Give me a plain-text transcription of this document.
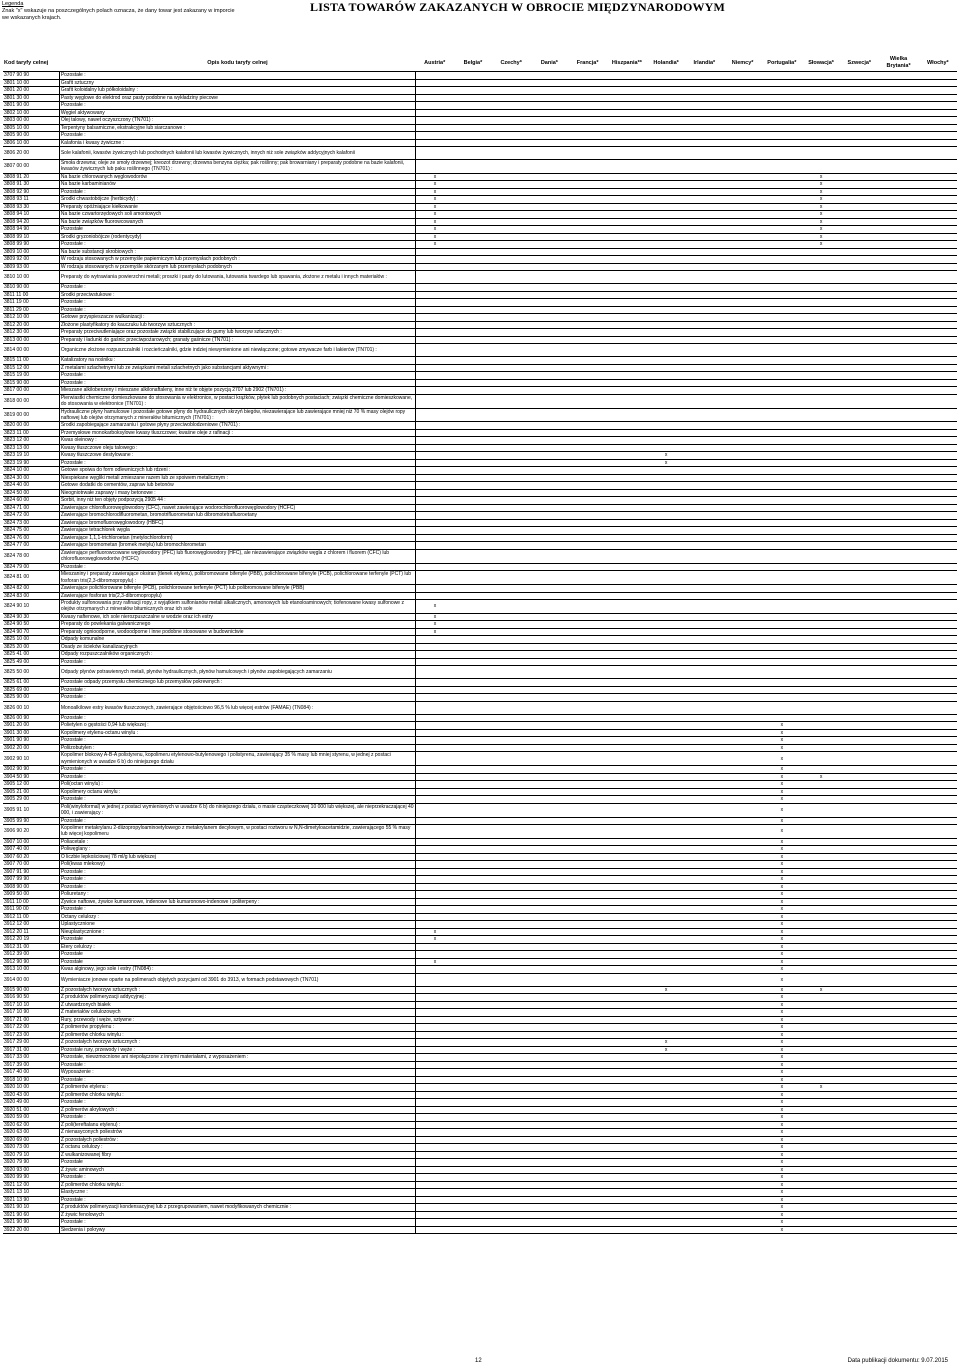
Legenda
Znak "x" wskazuje na poszczególnych polach oznacza, że dany towar jest zakazany w imporcie
we wskazanych krajach.
LISTA TOWARÓW ZAKAZANYCH W OBROCIE MIĘDZYNARODOWYM
Kod taryfy celnej	Opis kodu taryfy celnej	Austria*	Belgia*	Czechy*	Dania*	Francja*	Hiszpania**	Holandia*	Irlandia*	Niemcy*	Portugalia*	Słowacja*	Szwecja*	Wielka Brytania*	Włochy*
3707 90 90	Pozostałe :														
3801 10 00	Grafit sztuczny														
3801 20 00	Grafit koloidalny lub półkoloidalny :														
3801 30 00	Pasty węglowe do elektrod oraz pasty podobne na wykładziny piecowe														
3801 90 00	Pozostałe :														
3802 10 00	Węgiel aktywowany														
3803 00 00	Olej talowy, nawet oczyszczony (TN701) :														
3805 10 00	Terpentyny balsamiczne, ekstrakcyjne lub siarczanowe :														
3805 90 00	Pozostałe :														
3806 10 00	Kalafonia i kwasy żywiczne :														
3806 20 00	Sole kalafonii, kwasów żywicznych lub pochodnych kalafonii lub kwasów żywicznych, innych niż sole związków addycyjnych kalafonii														
3807 00 00	Smoła drzewna; oleje ze smoły drzewnej; kreozot drzewny; drzewna benzyna ciężka; pak roślinny; pak browarniany i preparaty podobne na bazie kalafonii, kwasów żywicznych lub paku roślinnego (TN701) :														
3808 91 20	Na bazie chlorowanych węglowodorów	x										x			
3808 91 30	Na bazie karbaminianów	x										x			
3808 92 90	Pozostałe :	x										x			
3808 93 11	Środki chwastobójcze (herbicydy) :	x										x			
3808 93 30	Preparaty opóźniające kiełkowanie	x										x			
3808 94 10	Na bazie czwartorzędowych soli amoniowych	x										x			
3808 94 20	Na bazie związków fluorowcowanych	x										x			
3808 94 90	Pozostałe	x										x			
3808 99 10	Środki gryzoniobójcze (rodentycydy)	x										x			
3808 99 90	Pozostałe :	x										x			
3809 10 00	Na bazie substancji skrobiowych :														
3809 92 00	W rodzaju stosowanych w przemyśle papierniczym lub przemysłach podobnych :														
3809 93 00	W rodzaju stosowanych w przemyśle skórzanym lub przemysłach podobnych														
3810 10 00	Preparaty do wytrawiania powierzchni metali; proszki i pasty do lutowania, lutowania twardego lub spawania, złożone z metalu i innych materiałów :														
3810 90 00	Pozostałe :														
3811 11 00	Środki przeciwstukowe :														
3811 19 00	Pozostałe :														
3811 29 00	Pozostałe :														
3812 10 00	Gotowe przyspieszacze wulkanizacji :														
3812 20 00	Złożone plastyfikatory do kauczuku lub tworzyw sztucznych :														
3812 30 00	Preparaty przeciwutleniające oraz pozostałe związki stabilizujące do gumy lub tworzyw sztucznych :														
3813 00 00	Preparaty i ładunki do gaśnic przeciwpożarowych; granaty gaśnicze (TN701) :														
3814 00 00	Organiczne złożone rozpuszczalniki i rozcieńczalniki, gdzie indziej niewymienione ani niewłączone; gotowe zmywacze farb i lakierów (TN701) :														
3815 11 00	Katalizatory na nośniku :														
3815 12 00	Z metalami szlachetnymi lub ze związkami metali szlachetnych jako substancjami aktywnymi :														
3815 19 00	Pozostałe :														
3815 90 00	Pozostałe :														
3817 00 00	Mieszane alkilobenzeny i mieszane alkilonaftaleny, inne niż te objęte pozycją 2707 lub 2902 (TN701) :														
3818 00 00	Pierwiastki chemiczne domieszkowane do stosowania w elektronice, w postaci krążków, płytek lub podobnych postaciach; związki chemiczne domieszkowane, do stosowania w elektronice (TN701) :														
3819 00 00	Hydrauliczne płyny hamulcowe i pozostałe gotowe płyny do hydraulicznych skrzyń biegów, niezawierające lub zawierające mniej niż 70 % masy olejów ropy naftowej lub olejów otrzymanych z minerałów bitumicznych (TN701) :														
3820 00 00	Środki zapobiegające zamarzaniu i gotowe płyny przeciwoblodzeniowe (TN701) :														
3823 11 00	Przemysłowe monokarboksylowe kwasy tłuszczowe; kwaśne oleje z rafinacji :														
3823 12 00	Kwas oleinowy :														
3823 13 00	Kwasy tłuszczowe oleju talowego :														
3823 19 10	Kwasy tłuszczowe destylowane :							x							
3823 19 90	Pozostałe :							x							
3824 10 00	Gotowe spoiwa do form odlewniczych lub rdzeni :														
3824 30 00	Niespiekane węgliki metali zmieszane razem lub ze spoiwem metalicznym :														
3824 40 00	Gotowe dodatki do cementów, zapraw lub betonów														
3824 50 00	Nieogniotrwałe zaprawy i masy betonowe :														
3824 60 00	Sorbit, inny niż ten objęty podpozycją 2905 44 :														
3824 71 00	Zawierające chlorofluorowęglowodory (CFC), nawet zawierające wodorochlorofluorowęglowodory (HCFC)														
3824 72 00	Zawierające bromochlorodifluorometan, bromotrifluorometan lub dibromotetrafluoroetany														
3824 73 00	Zawierające bromofluorowęglowodory (HBFC)														
3824 75 00	Zawierające tetrachlorek węgla														
3824 76 00	Zawierające 1,1,1-trichloroetan (metylochloroform)														
3824 77 00	Zawierające bromometan (bromek metylu) lub bromochlorometan														
3824 78 00	Zawierające perfluorowcowane węglowodory (PFC) lub fluorowęglowodory (HFC), ale niezawierające związków węgla z chlorem i fluorem (CFC) lub chlorofluorowęglowodorów (HCFC)														
3824 79 00	Pozostałe :														
3824 81 00	Mieszaniny i preparaty zawierające oksiran (tlenek etylenu), polibromowane bifenyle (PBB), polichlorowane bifenyle (PCB), polichlorowane terfenyle (PCT) lub fosforan tris(2,3-dibromopropylu) :														
3824 82 00	Zawierające polichlorowane bifenyle (PCB), polichlorowane terfenyle (PCT) lub polibromowane bifenyle (PBB)														
3824 83 00	Zawierające fosforan tris(2,3-dibromopropylu)														
3824 90 10	Produkty sulfonowania przy rafinacji ropy, z wyjątkiem sulfonianów metali alkalicznych, amonowych lub etanoloaminowych; tiofenowane kwasy sulfonowe z olejów otrzymanych z minerałów bitumicznych oraz ich sole	x													
3824 90 30	Kwasy naftenowe, ich sole nierozpuszczalne w wodzie oraz ich estry	x													
3824 90 50	Preparaty do powlekania galwanicznego	x													
3824 90 70	Preparaty ognioodporne, wodoodporne i inne podobne stosowane w budownictwie	x													
3825 10 00	Odpady komunalne														
3825 20 00	Osady ze ścieków kanalizacyjnych														
3825 41 00	Odpady rozpuszczalników organicznych :														
3825 49 00	Pozostałe :														
3825 50 00	Odpady płynów potrawiennych metali, płynów hydraulicznych, płynów hamulcowych i płynów zapobiegających zamarzaniu														
3825 61 00	Pozostałe odpady przemysłu chemicznego lub przemysłów pokrewnych :														
3825 69 00	Pozostałe :														
3825 90 00	Pozostałe :														
3826 00 10	Monoalkilowe estry kwasów tłuszczowych, zawierające objętościowo 96,5 % lub więcej estrów (FAMAE) (TN084) :														
3826 00 90	Pozostałe :														
3901 20 00	Polietylen o gęstości 0,94 lub większej :										x				
3901 30 00	Kopolimery etylenu-octanu winylu :										x				
3901 90 90	Pozostałe :										x				
3902 20 00	Poliizobutylen :										x				
3902 90 10	Kopolimer blokowy A-B-A polistyrenu, kopolimeru etylenowo-butylenowego i polistyrenu, zawierający 35 % masy lub mniej styrenu, w jednej z postaci wymienionych w uwadze 6 b) do niniejszego działu										x				
3902 90 90	Pozostałe :										x				
3904 50 90	Pozostałe :										x	x			
3905 12 00	Poli(octan winylu) :										x				
3905 21 00	Kopolimery octanu winylu :										x				
3905 29 00	Pozostałe :										x				
3905 91 10	Poli(winyloformal) w jednej z postaci wymienionych w uwadze 6 b) do niniejszego działu, o masie cząsteczkowej 10 000 lub większej, ale nieprzekraczającej 40 000, i zawierający :										x				
3905 99 90	Pozostałe :										x				
3906 90 20	Kopolimer metakrylanu 2-diizopropyloaminoetylowego z metakrylanem decylowym, w postaci roztworu w N,N-dimetyloacetamidzie, zawierającego 55 % masy lub więcej kopolimeru										x				
3907 10 00	Poliacetale :										x				
3907 40 00	Poliwęglany :										x				
3907 60 20	O liczbie lepkościowej 78 ml/g lub większej										x				
3907 70 00	Poli(kwas mlekowy)										x				
3907 91 90	Pozostałe :										x				
3907 99 90	Pozostałe :										x				
3908 90 00	Pozostałe :										x				
3909 50 00	Poliuretany :										x				
3911 10 00	Żywice naftowe, żywice kumaronowe, indenowe lub kumaronowo-indenowe i politerpeny :										x				
3911 90 00	Pozostałe :										x				
3912 11 00	Octany celulozy :										x				
3912 12 00	Uplastycznione										x				
3912 20 11	Nieuplastycznione :	x									x				
3912 20 19	Pozostałe	x									x				
3912 31 00	Etery celulozy :										x				
3912 39 00	Pozostałe										x				
3912 90 90	Pozostałe	x									x				
3913 10 00	Kwas alginowy, jego sole i estry (TN084) :										x				
3914 00 00	Wymieniacze jonowe oparte na polimerach objętych pozycjami od 3901 do 3913, w formach podstawowych (TN701)										x				
3915 90 00	Z pozostałych tworzyw sztucznych :							x			x	x			
3916 90 50	Z produktów polimeryzacji addycyjnej :										x				
3917 10 10	Z utwardzonych białek										x				
3917 10 90	Z materiałów celulozowych										x				
3917 21 00	Rury, przewody i węże, sztywne :										x				
3917 22 00	Z polimerów propylenu :										x				
3917 23 00	Z polimerów chlorku winylu :										x				
3917 29 00	Z pozostałych tworzyw sztucznych :							x			x				
3917 31 00	Pozostałe rury, przewody i węże :							x			x				
3917 33 00	Pozostałe, niewzmocnione ani niepołączone z innymi materiałami, z wyposażeniem :										x				
3917 39 00	Pozostałe :										x				
3917 40 00	Wyposażenie :										x				
3918 10 90	Pozostałe :										x				
3920 10 00	Z polimerów etylenu :										x	x			
3920 43 00	Z polimerów chlorku winylu :										x				
3920 49 00	Pozostałe :										x				
3920 51 00	Z polimerów akrylowych :										x				
3920 59 00	Pozostałe :										x				
3920 62 00	Z poli(tereftalanu etylenu) :										x				
3920 63 00	Z nienasyconych poliestrów										x				
3920 69 00	Z pozostałych poliestrów :										x				
3920 73 00	Z octanu celulozy :										x				
3920 79 10	Z wulkanizowanej fibry										x				
3920 79 90	Pozostałe										x				
3920 93 00	Z żywic aminowych										x				
3920 99 90	Pozostałe :										x				
3921 12 00	Z polimerów chlorku winylu :										x				
3921 13 10	Elastyczne :										x				
3921 13 90	Pozostałe :										x				
3921 90 10	Z produktów polimeryzacji kondensacyjnej lub z przegrupowaniem, nawet modyfikowanych chemicznie :										x				
3921 90 60	Z żywic fenolowych										x				
3921 90 90	Pozostałe :										x				
3922 20 00	Siedzenia i pokrywy										x				
12	Data publikacji dokumentu: 9.07.2015
